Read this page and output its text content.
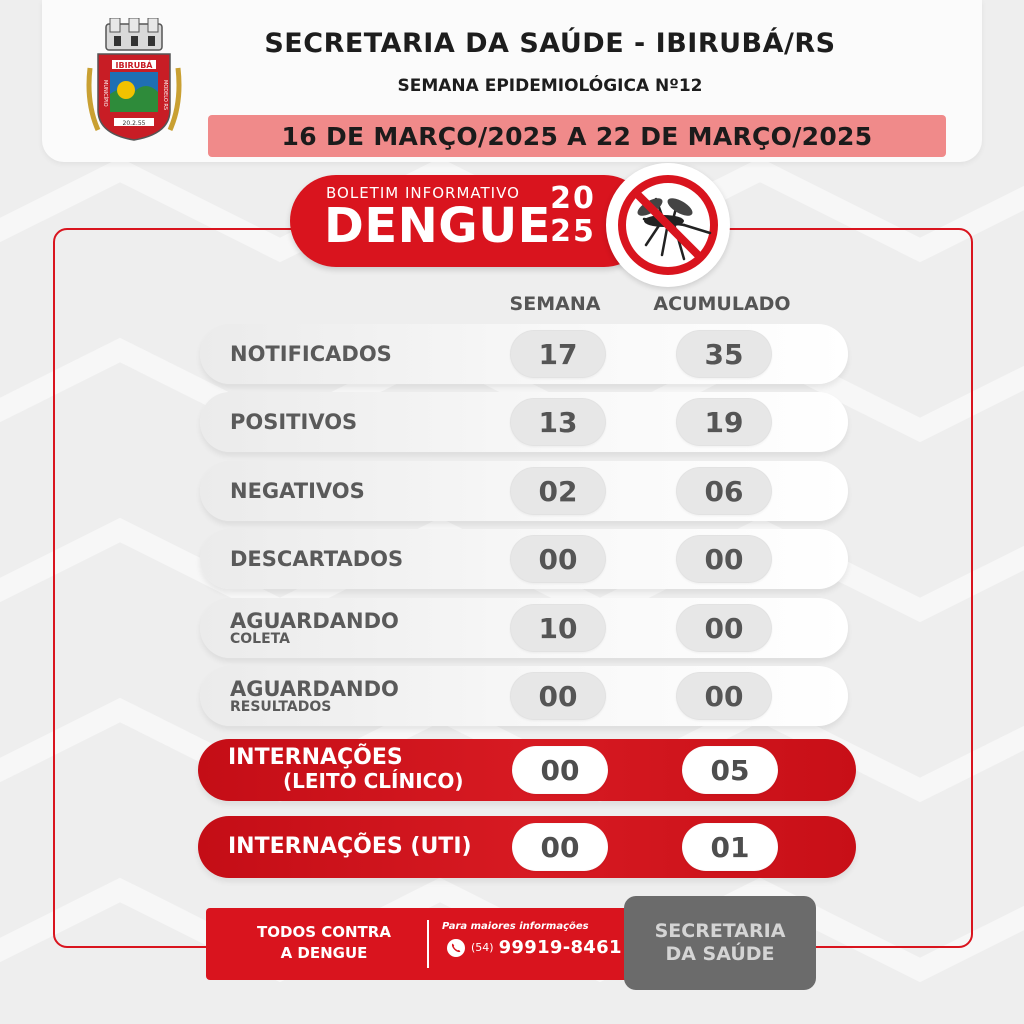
IBIRUBÁ
20.2.55
MUNICÍPIO	MODELO RS
SECRETARIA DA SAÚDE - IBIRUBÁ/RS
SEMANA EPIDEMIOLÓGICA Nº12
16 DE MARÇO/2025 A 22 DE MARÇO/2025
BOLETIM INFORMATIVO
DENGUE 20
25
SEMANA	ACUMULADO
NOTIFICADOS	17	35
POSITIVOS	13	19
NEGATIVOS	02	06
DESCARTADOS	00	00
AGUARDANDO
COLETA	10	00
AGUARDANDO
RESULTADOS	00	00
INTERNAÇÕES
(LEITO CLÍNICO)	00	05
INTERNAÇÕES (UTI)	00	01
TODOS CONTRA
A DENGUE
Para maiores informações
(54) 99919-8461
SECRETARIA
DA SAÚDE
